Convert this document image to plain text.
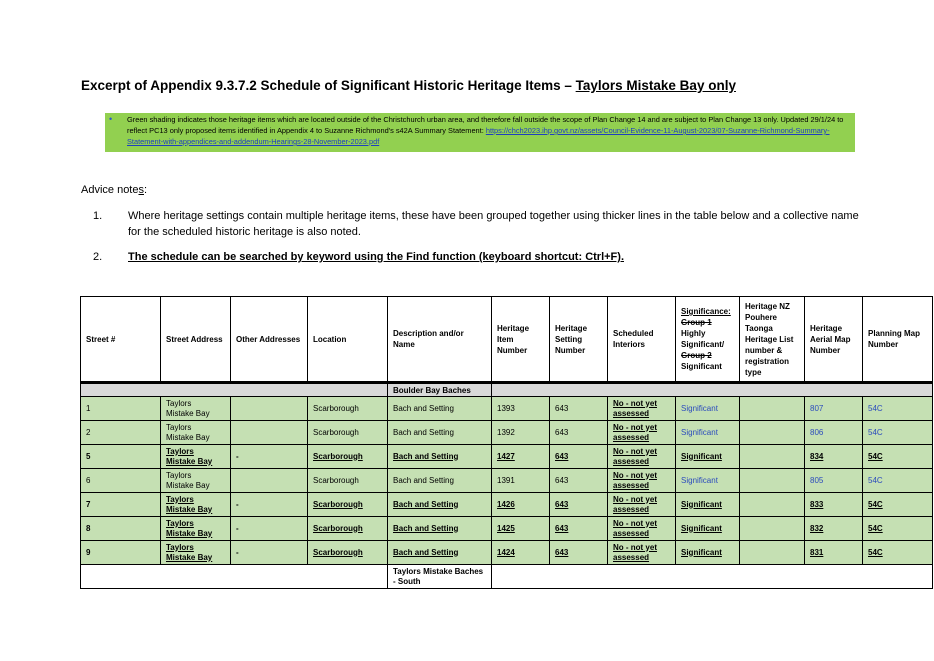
Excerpt of Appendix 9.3.7.2 Schedule of Significant Historic Heritage Items – Taylors Mistake Bay only
• Green shading indicates those heritage items which are located outside of the Christchurch urban area, and therefore fall outside the scope of Plan Change 14 and are subject to Plan Change 13 only. Updated 29/1/24 to reflect PC13 only proposed items identified in Appendix 4 to Suzanne Richmond's s42A Summary Statement: https://chch2023.ihp.govt.nz/assets/Council-Evidence-11-August-2023/07-Suzanne-Richmond-Summary-Statement-with-appendices-and-addendum-Hearings-28-November-2023.pdf
Advice notes:
1. Where heritage settings contain multiple heritage items, these have been grouped together using thicker lines in the table below and a collective name for the scheduled historic heritage is also noted.
2. The schedule can be searched by keyword using the Find function (keyboard shortcut: Ctrl+F).
Street #	Street Address	Other Addresses	Location	Description and/or Name	Heritage Item Number	Heritage Setting Number	Scheduled Interiors	Significance:
Group 1
Highly Significant/
Group 2
Significant	Heritage NZ Pouhere Taonga Heritage List number & registration type	Heritage Aerial Map Number	Planning Map Number
				Boulder Bay Baches							
1	Taylors
Mistake Bay		Scarborough	Bach and Setting	1393	643	No - not yet
assessed	Significant		807	54C
2	Taylors
Mistake Bay		Scarborough	Bach and Setting	1392	643	No - not yet
assessed	Significant		806	54C
5	Taylors
Mistake Bay	-	Scarborough	Bach and Setting	1427	643	No - not yet
assessed	Significant		834	54C
6	Taylors
Mistake Bay		Scarborough	Bach and Setting	1391	643	No - not yet
assessed	Significant		805	54C
7	Taylors
Mistake Bay	-	Scarborough	Bach and Setting	1426	643	No - not yet
assessed	Significant		833	54C
8	Taylors
Mistake Bay	-	Scarborough	Bach and Setting	1425	643	No - not yet
assessed	Significant		832	54C
9	Taylors
Mistake Bay	-	Scarborough	Bach and Setting	1424	643	No - not yet
assessed	Significant		831	54C
				Taylors Mistake Baches
- South							
